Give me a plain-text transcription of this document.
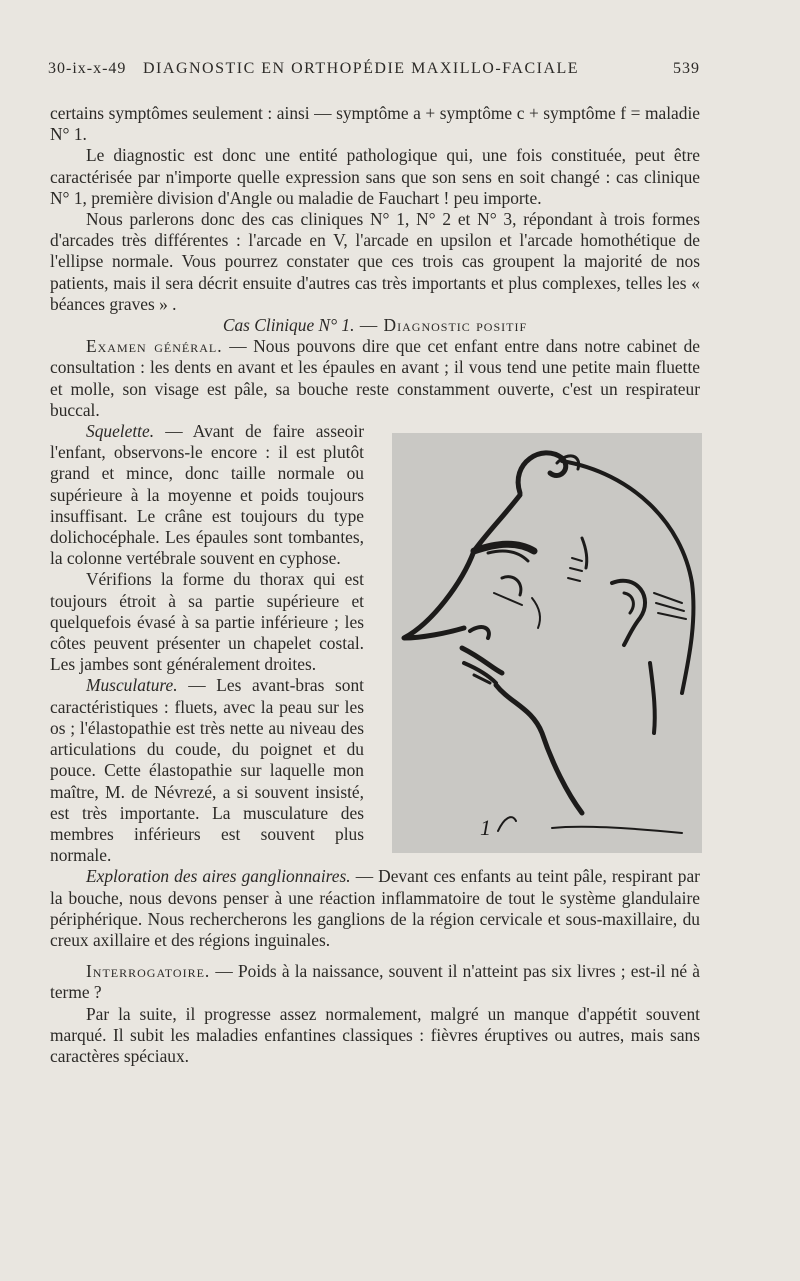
30-ix-x-49 DIAGNOSTIC EN ORTHOPÉDIE MAXILLO-FACIALE	539

certains symptômes seulement : ainsi — symptôme a + symptôme c + symptôme f = maladie N° 1.

Le diagnostic est donc une entité pathologique qui, une fois constituée, peut être caractérisée par n'importe quelle expression sans que son sens en soit changé : cas clinique N° 1, première division d'Angle ou maladie de Fauchart ! peu importe.

Nous parlerons donc des cas cliniques N° 1, N° 2 et N° 3, répondant à trois formes d'arcades très différentes : l'arcade en V, l'arcade en upsilon et l'arcade homothétique de l'ellipse normale. Vous pourrez constater que ces trois cas groupent la majorité de nos patients, mais il sera décrit ensuite d'autres cas très importants et plus complexes, telles les « béances graves » .

Cas Clinique N° 1. — Diagnostic positif

Examen général. — Nous pouvons dire que cet enfant entre dans notre cabinet de consultation : les dents en avant et les épaules en avant ; il vous tend une petite main fluette et molle, son visage est pâle, sa bouche reste constamment ouverte, c'est un respirateur buccal.

1

Squelette. — Avant de faire asseoir l'enfant, observons-le encore : il est plutôt grand et mince, donc taille normale ou supérieure à la moyenne et poids toujours insuffisant. Le crâne est toujours du type dolichocéphale. Les épaules sont tombantes, la colonne vertébrale souvent en cyphose.

Vérifions la forme du thorax qui est toujours étroit à sa partie supérieure et quelquefois évasé à sa partie inférieure ; les côtes peuvent présenter un chapelet costal. Les jambes sont généralement droites.

Musculature. — Les avant-bras sont caractéristiques : fluets, avec la peau sur les os ; l'élastopathie est très nette au niveau des articulations du coude, du poignet et du pouce. Cette élastopathie sur laquelle mon maître, M. de Névrezé, a si souvent insisté, est très importante. La musculature des membres inférieurs est souvent plus normale.

Exploration des aires ganglionnaires. — Devant ces enfants au teint pâle, respirant par la bouche, nous devons penser à une réaction inflammatoire de tout le système glandulaire périphérique. Nous rechercherons les ganglions de la région cervicale et sous-maxillaire, du creux axillaire et des régions inguinales.

Interrogatoire. — Poids à la naissance, souvent il n'atteint pas six livres ; est-il né à terme ?

Par la suite, il progresse assez normalement, malgré un manque d'appétit souvent marqué. Il subit les maladies enfantines classiques : fièvres éruptives ou autres, mais sans caractères spéciaux.
